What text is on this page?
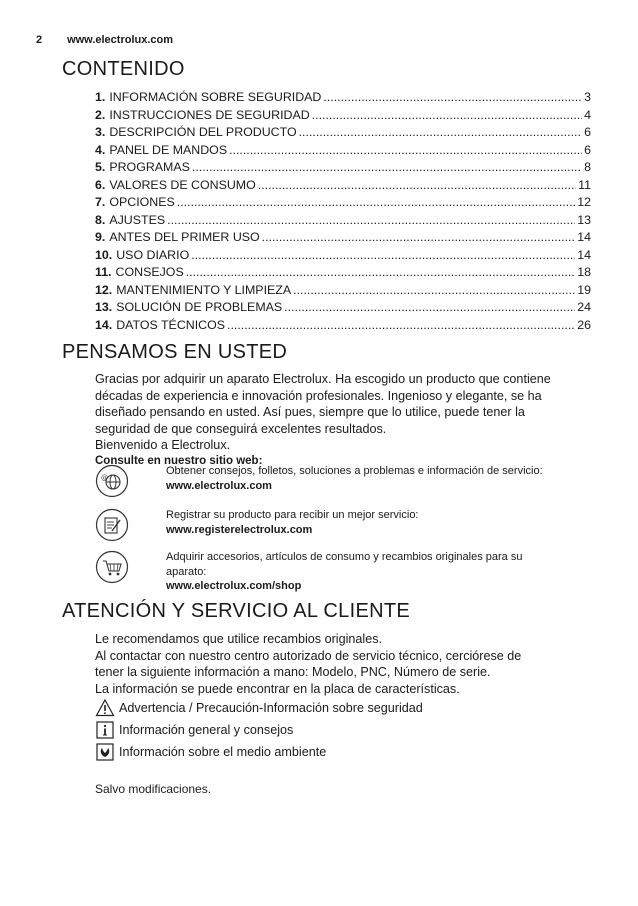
2 www.electrolux.com
CONTENIDO
1. INFORMACIÓN SOBRE SEGURIDAD .....	3
2. INSTRUCCIONES DE SEGURIDAD .....	4
3. DESCRIPCIÓN DEL PRODUCTO .....	6
4. PANEL DE MANDOS .....	6
5. PROGRAMAS .....	8
6. VALORES DE CONSUMO .....	11
7. OPCIONES .....	12
8. AJUSTES .....	13
9. ANTES DEL PRIMER USO .....	14
10. USO DIARIO .....	14
11. CONSEJOS .....	18
12. MANTENIMIENTO Y LIMPIEZA .....	19
13. SOLUCIÓN DE PROBLEMAS .....	24
14. DATOS TÉCNICOS .....	26
PENSAMOS EN USTED

Gracias por adquirir un aparato Electrolux. Ha escogido un producto que contiene

décadas de experiencia e innovación profesionales. Ingenioso y elegante, se ha

diseñado pensando en usted. Así pues, siempre que lo utilice, puede tener la

seguridad de que conseguirá excelentes resultados.

Bienvenido a Electrolux.

Consulte en nuestro sitio web:

@
Obtener consejos, folletos, soluciones a problemas e información de servicio:
www.electrolux.com
Registrar su producto para recibir un mejor servicio:
www.registerelectrolux.com
Adquirir accesorios, artículos de consumo y recambios originales para su
aparato:
www.electrolux.com/shop
ATENCIÓN Y SERVICIO AL CLIENTE

Le recomendamos que utilice recambios originales.

Al contactar con nuestro centro autorizado de servicio técnico, cerciórese de

tener la siguiente información a mano: Modelo, PNC, Número de serie.

La información se puede encontrar en la placa de características.

Advertencia / Precaución-Información sobre seguridad
Información general y consejos
Información sobre el medio ambiente
Salvo modificaciones.
